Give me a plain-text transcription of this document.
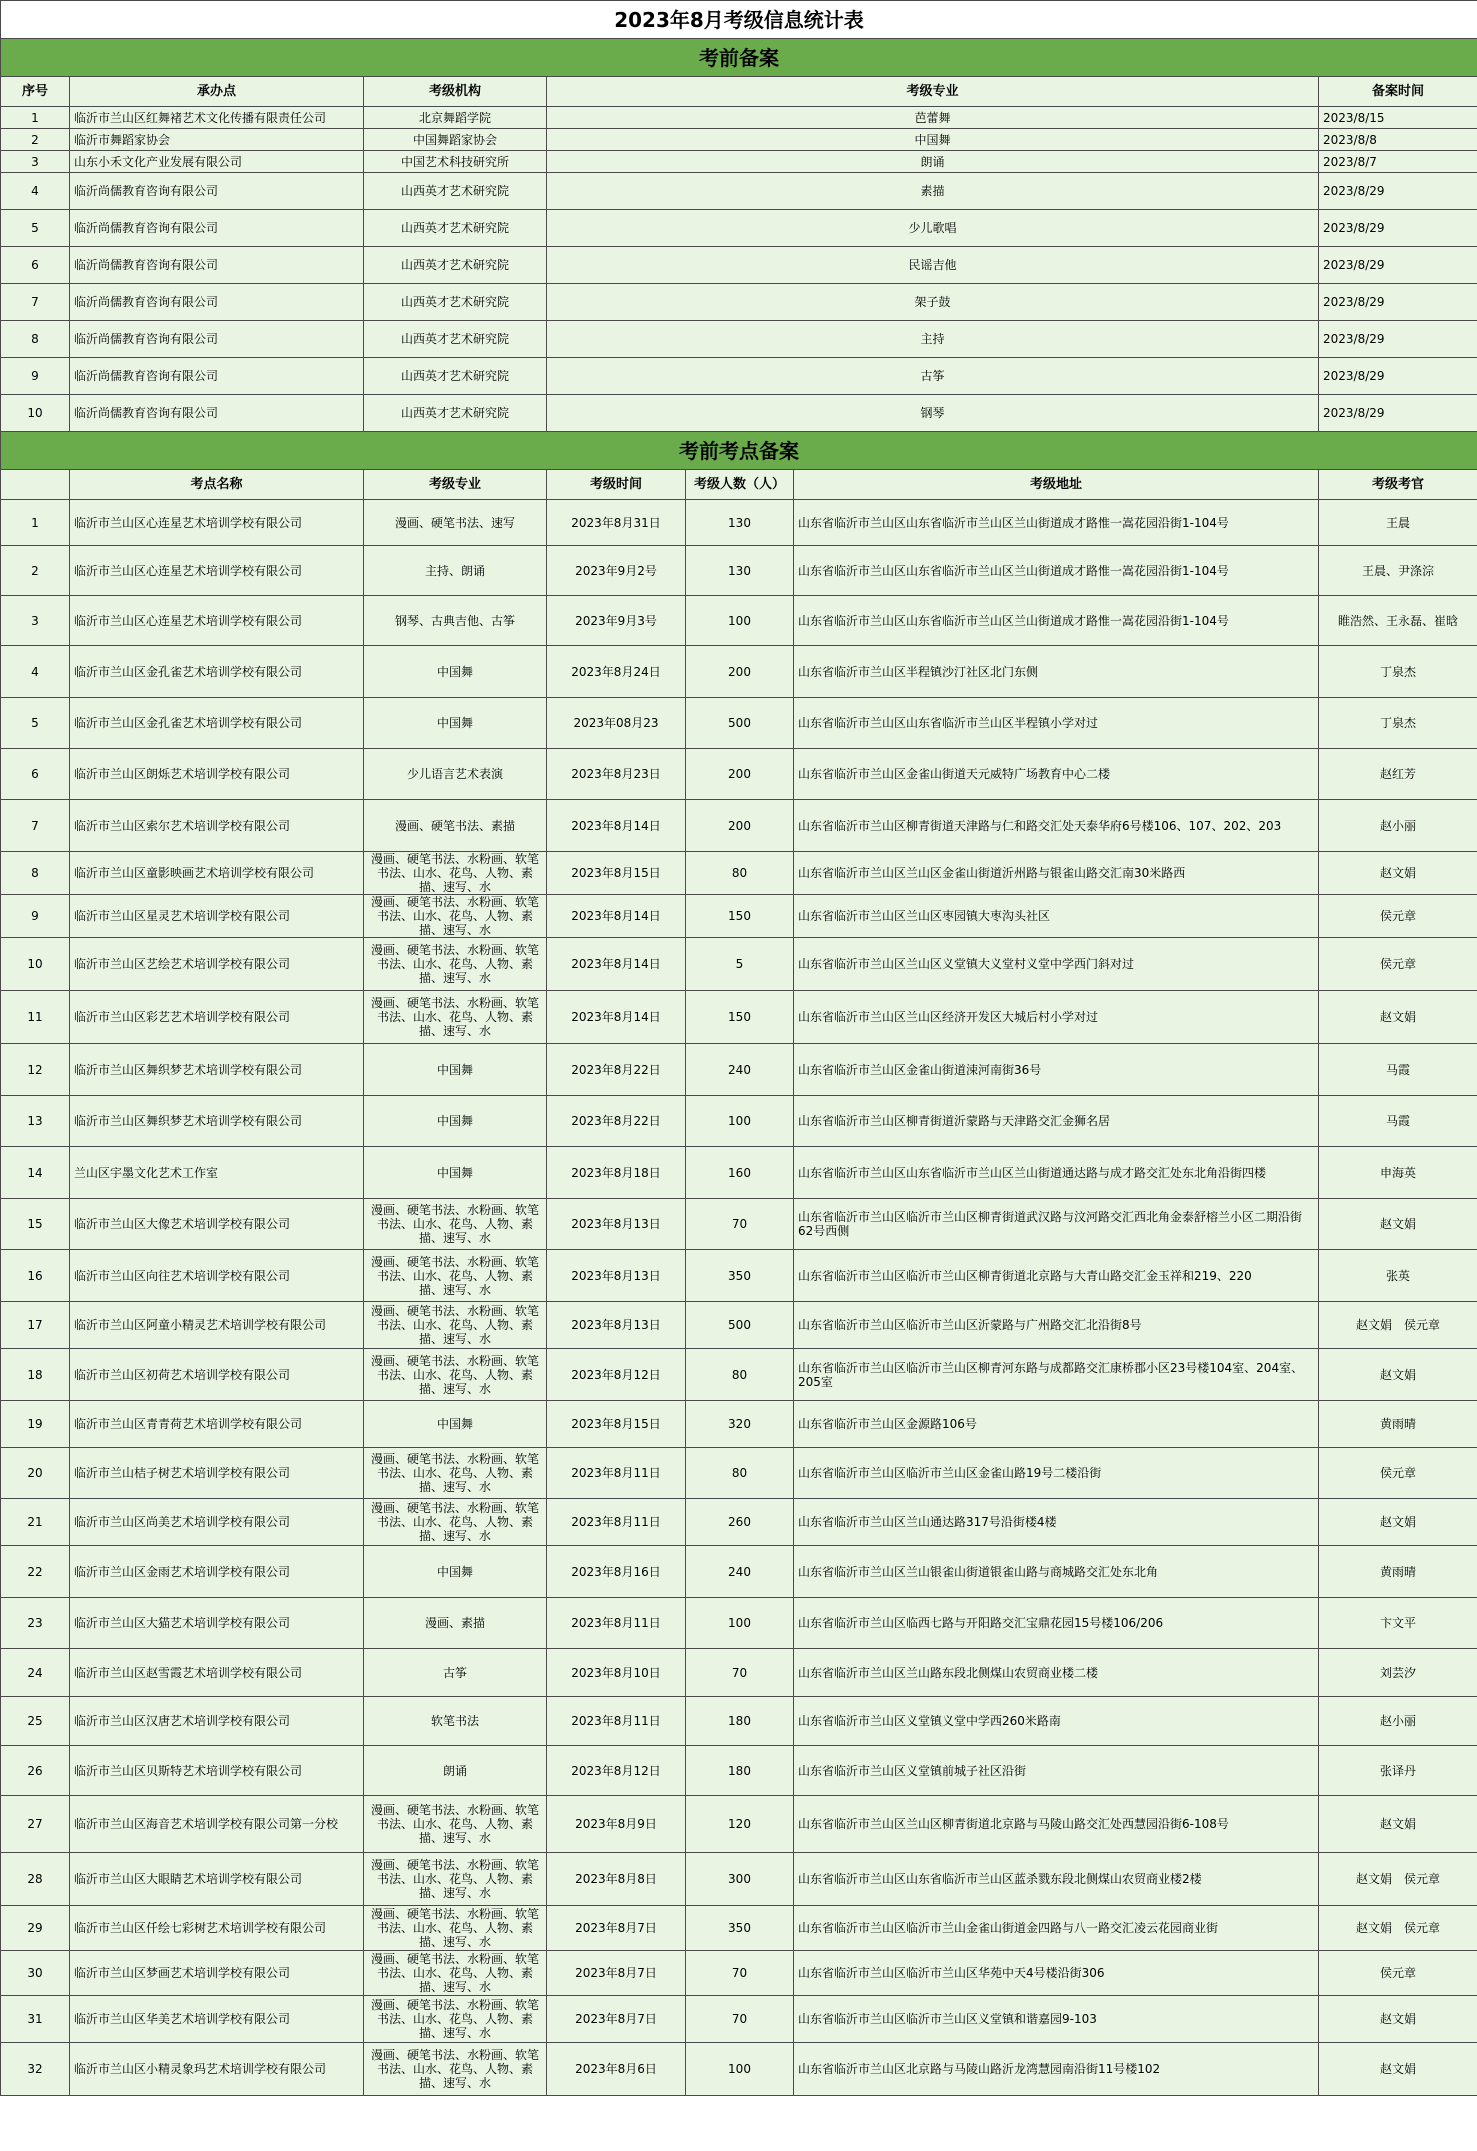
2023年8月考级信息统计表						
考前备案						
序号	承办点	考级机构	考级专业			备案时间
1	临沂市兰山区红舞褚艺术文化传播有限责任公司	北京舞蹈学院	芭蕾舞			2023/8/15
2	临沂市舞蹈家协会	中国舞蹈家协会	中国舞			2023/8/8
3	山东小禾文化产业发展有限公司	中国艺术科技研究所	朗诵			2023/8/7
4	临沂尚儒教育咨询有限公司	山西英才艺术研究院	素描			2023/8/29
5	临沂尚儒教育咨询有限公司	山西英才艺术研究院	少儿歌唱			2023/8/29
6	临沂尚儒教育咨询有限公司	山西英才艺术研究院	民谣吉他			2023/8/29
7	临沂尚儒教育咨询有限公司	山西英才艺术研究院	架子鼓			2023/8/29
8	临沂尚儒教育咨询有限公司	山西英才艺术研究院	主持			2023/8/29
9	临沂尚儒教育咨询有限公司	山西英才艺术研究院	古筝			2023/8/29
10	临沂尚儒教育咨询有限公司	山西英才艺术研究院	钢琴			2023/8/29
考前考点备案						
	考点名称	考级专业	考级时间	考级人数（人）	考级地址	考级考官
1	临沂市兰山区心连星艺术培训学校有限公司	漫画、硬笔书法、速写	2023年8月31日	130	山东省临沂市兰山区山东省临沂市兰山区兰山街道成才路惟一嵩花园沿街1-104号	王晨
2	临沂市兰山区心连星艺术培训学校有限公司	主持、朗诵	2023年9月2号	130	山东省临沂市兰山区山东省临沂市兰山区兰山街道成才路惟一嵩花园沿街1-104号	王晨、尹涤淙
3	临沂市兰山区心连星艺术培训学校有限公司	钢琴、古典吉他、古筝	2023年9月3号	100	山东省临沂市兰山区山东省临沂市兰山区兰山街道成才路惟一嵩花园沿街1-104号	睢浩然、王永磊、崔晗
4	临沂市兰山区金孔雀艺术培训学校有限公司	中国舞	2023年8月24日	200	山东省临沂市兰山区半程镇沙汀社区北门东侧	丁泉杰
5	临沂市兰山区金孔雀艺术培训学校有限公司	中国舞	2023年08月23	500	山东省临沂市兰山区山东省临沂市兰山区半程镇小学对过	丁泉杰
6	临沂市兰山区朗烁艺术培训学校有限公司	少儿语言艺术表演	2023年8月23日	200	山东省临沂市兰山区金雀山街道天元威特广场教育中心二楼	赵红芳
7	临沂市兰山区索尔艺术培训学校有限公司	漫画、硬笔书法、素描	2023年8月14日	200	山东省临沂市兰山区柳青街道天津路与仁和路交汇处天泰华府6号楼106、107、202、203	赵小丽
8	临沂市兰山区童影映画艺术培训学校有限公司	漫画、硬笔书法、水粉画、软笔书法、山水、花鸟、人物、素描、速写、水	2023年8月15日	80	山东省临沂市兰山区兰山区金雀山街道沂州路与银雀山路交汇南30米路西	赵文娟
9	临沂市兰山区星灵艺术培训学校有限公司	漫画、硬笔书法、水粉画、软笔书法、山水、花鸟、人物、素描、速写、水	2023年8月14日	150	山东省临沂市兰山区兰山区枣园镇大枣沟头社区	侯元章
10	临沂市兰山区艺绘艺术培训学校有限公司	漫画、硬笔书法、水粉画、软笔书法、山水、花鸟、人物、素描、速写、水	2023年8月14日	5	山东省临沂市兰山区兰山区义堂镇大义堂村义堂中学西门斜对过	侯元章
11	临沂市兰山区彩艺艺术培训学校有限公司	漫画、硬笔书法、水粉画、软笔书法、山水、花鸟、人物、素描、速写、水	2023年8月14日	150	山东省临沂市兰山区兰山区经济开发区大城后村小学对过	赵文娟
12	临沂市兰山区舞织梦艺术培训学校有限公司	中国舞	2023年8月22日	240	山东省临沂市兰山区金雀山街道涑河南街36号	马霞
13	临沂市兰山区舞织梦艺术培训学校有限公司	中国舞	2023年8月22日	100	山东省临沂市兰山区柳青街道沂蒙路与天津路交汇金狮名居	马霞
14	兰山区宇墨文化艺术工作室	中国舞	2023年8月18日	160	山东省临沂市兰山区山东省临沂市兰山区兰山街道通达路与成才路交汇处东北角沿街四楼	申海英
15	临沂市兰山区大像艺术培训学校有限公司	漫画、硬笔书法、水粉画、软笔书法、山水、花鸟、人物、素描、速写、水	2023年8月13日	70	山东省临沂市兰山区临沂市兰山区柳青街道武汉路与汶河路交汇西北角金泰舒榕兰小区二期沿街62号西侧	赵文娟
16	临沂市兰山区向往艺术培训学校有限公司	漫画、硬笔书法、水粉画、软笔书法、山水、花鸟、人物、素描、速写、水	2023年8月13日	350	山东省临沂市兰山区临沂市兰山区柳青街道北京路与大青山路交汇金玉祥和219、220	张英
17	临沂市兰山区阿童小精灵艺术培训学校有限公司	漫画、硬笔书法、水粉画、软笔书法、山水、花鸟、人物、素描、速写、水	2023年8月13日	500	山东省临沂市兰山区临沂市兰山区沂蒙路与广州路交汇北沿街8号	赵文娟　侯元章
18	临沂市兰山区初荷艺术培训学校有限公司	漫画、硬笔书法、水粉画、软笔书法、山水、花鸟、人物、素描、速写、水	2023年8月12日	80	山东省临沂市兰山区临沂市兰山区柳青河东路与成都路交汇康桥郡小区23号楼104室、204室、205室	赵文娟
19	临沂市兰山区青青荷艺术培训学校有限公司	中国舞	2023年8月15日	320	山东省临沂市兰山区金源路106号	黄雨晴
20	临沂市兰山桔子树艺术培训学校有限公司	漫画、硬笔书法、水粉画、软笔书法、山水、花鸟、人物、素描、速写、水	2023年8月11日	80	山东省临沂市兰山区临沂市兰山区金雀山路19号二楼沿街	侯元章
21	临沂市兰山区尚美艺术培训学校有限公司	漫画、硬笔书法、水粉画、软笔书法、山水、花鸟、人物、素描、速写、水	2023年8月11日	260	山东省临沂市兰山区兰山通达路317号沿街楼4楼	赵文娟
22	临沂市兰山区金雨艺术培训学校有限公司	中国舞	2023年8月16日	240	山东省临沂市兰山区兰山银雀山街道银雀山路与商城路交汇处东北角	黄雨晴
23	临沂市兰山区大猫艺术培训学校有限公司	漫画、素描	2023年8月11日	100	山东省临沂市兰山区临西七路与开阳路交汇宝鼎花园15号楼106/206	卞文平
24	临沂市兰山区赵雪霞艺术培训学校有限公司	古筝	2023年8月10日	70	山东省临沂市兰山区兰山路东段北侧煤山农贸商业楼二楼	刘芸汐
25	临沂市兰山区汉唐艺术培训学校有限公司	软笔书法	2023年8月11日	180	山东省临沂市兰山区义堂镇义堂中学西260米路南	赵小丽
26	临沂市兰山区贝斯特艺术培训学校有限公司	朗诵	2023年8月12日	180	山东省临沂市兰山区义堂镇前城子社区沿街	张译丹
27	临沂市兰山区海音艺术培训学校有限公司第一分校	漫画、硬笔书法、水粉画、软笔书法、山水、花鸟、人物、素描、速写、水	2023年8月9日	120	山东省临沂市兰山区兰山区柳青街道北京路与马陵山路交汇处西慧园沿街6-108号	赵文娟
28	临沂市兰山区大眼睛艺术培训学校有限公司	漫画、硬笔书法、水粉画、软笔书法、山水、花鸟、人物、素描、速写、水	2023年8月8日	300	山东省临沂市兰山区山东省临沂市兰山区蓝杀戮东段北侧煤山农贸商业楼2楼	赵文娟　侯元章
29	临沂市兰山区仟绘七彩树艺术培训学校有限公司	漫画、硬笔书法、水粉画、软笔书法、山水、花鸟、人物、素描、速写、水	2023年8月7日	350	山东省临沂市兰山区临沂市兰山金雀山街道金四路与八一路交汇凌云花园商业街	赵文娟　侯元章
30	临沂市兰山区梦画艺术培训学校有限公司	漫画、硬笔书法、水粉画、软笔书法、山水、花鸟、人物、素描、速写、水	2023年8月7日	70	山东省临沂市兰山区临沂市兰山区华苑中天4号楼沿街306	侯元章
31	临沂市兰山区华美艺术培训学校有限公司	漫画、硬笔书法、水粉画、软笔书法、山水、花鸟、人物、素描、速写、水	2023年8月7日	70	山东省临沂市兰山区临沂市兰山区义堂镇和谐嘉园9-103	赵文娟
32	临沂市兰山区小精灵象玛艺术培训学校有限公司	漫画、硬笔书法、水粉画、软笔书法、山水、花鸟、人物、素描、速写、水	2023年8月6日	100	山东省临沂市兰山区北京路与马陵山路沂龙湾慧园南沿街11号楼102	赵文娟
